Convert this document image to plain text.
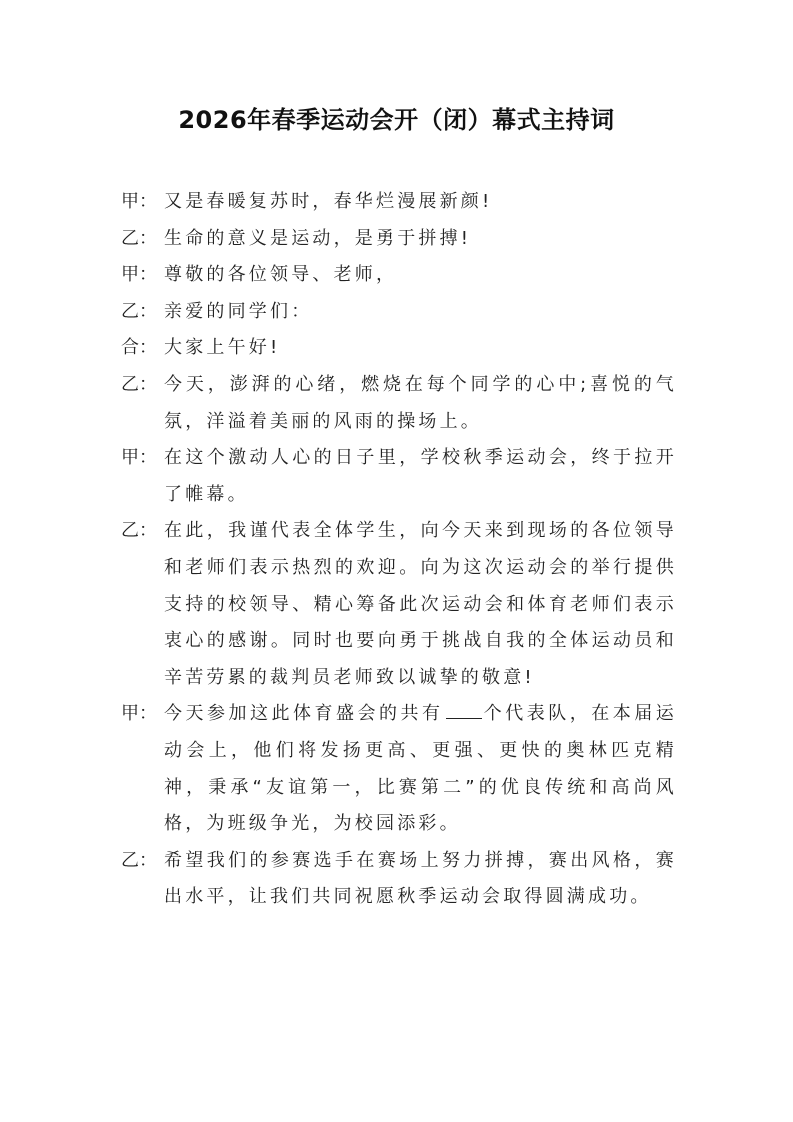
2026年春季运动会开（闭）幕式主持词

甲： 又是春暖复苏时，春华烂漫展新颜!

乙： 生命的意义是运动，是勇于拼搏!

甲： 尊敬的各位领导、老师，

乙： 亲爱的同学们：

合： 大家上午好!

乙： 今天，澎湃的心绪，燃烧在每个同学的心中;喜悦的气氛，洋溢着美丽的风雨的操场上。

甲： 在这个激动人心的日子里，学校秋季运动会，终于拉开了帷幕。

乙： 在此，我谨代表全体学生，向今天来到现场的各位领导和老师们表示热烈的欢迎。向为这次运动会的举行提供支持的校领导、精心筹备此次运动会和体育老师们表示衷心的感谢。同时也要向勇于挑战自我的全体运动员和辛苦劳累的裁判员老师致以诚挚的敬意!

甲： 今天参加这此体育盛会的共有 个代表队，在本届运动会上，他们将发扬更高、更强、更快的奥林匹克精神，秉承“友谊第一，比赛第二”的优良传统和高尚风格，为班级争光，为校园添彩。

乙： 希望我们的参赛选手在赛场上努力拼搏，赛出风格，赛出水平，让我们共同祝愿秋季运动会取得圆满成功。
